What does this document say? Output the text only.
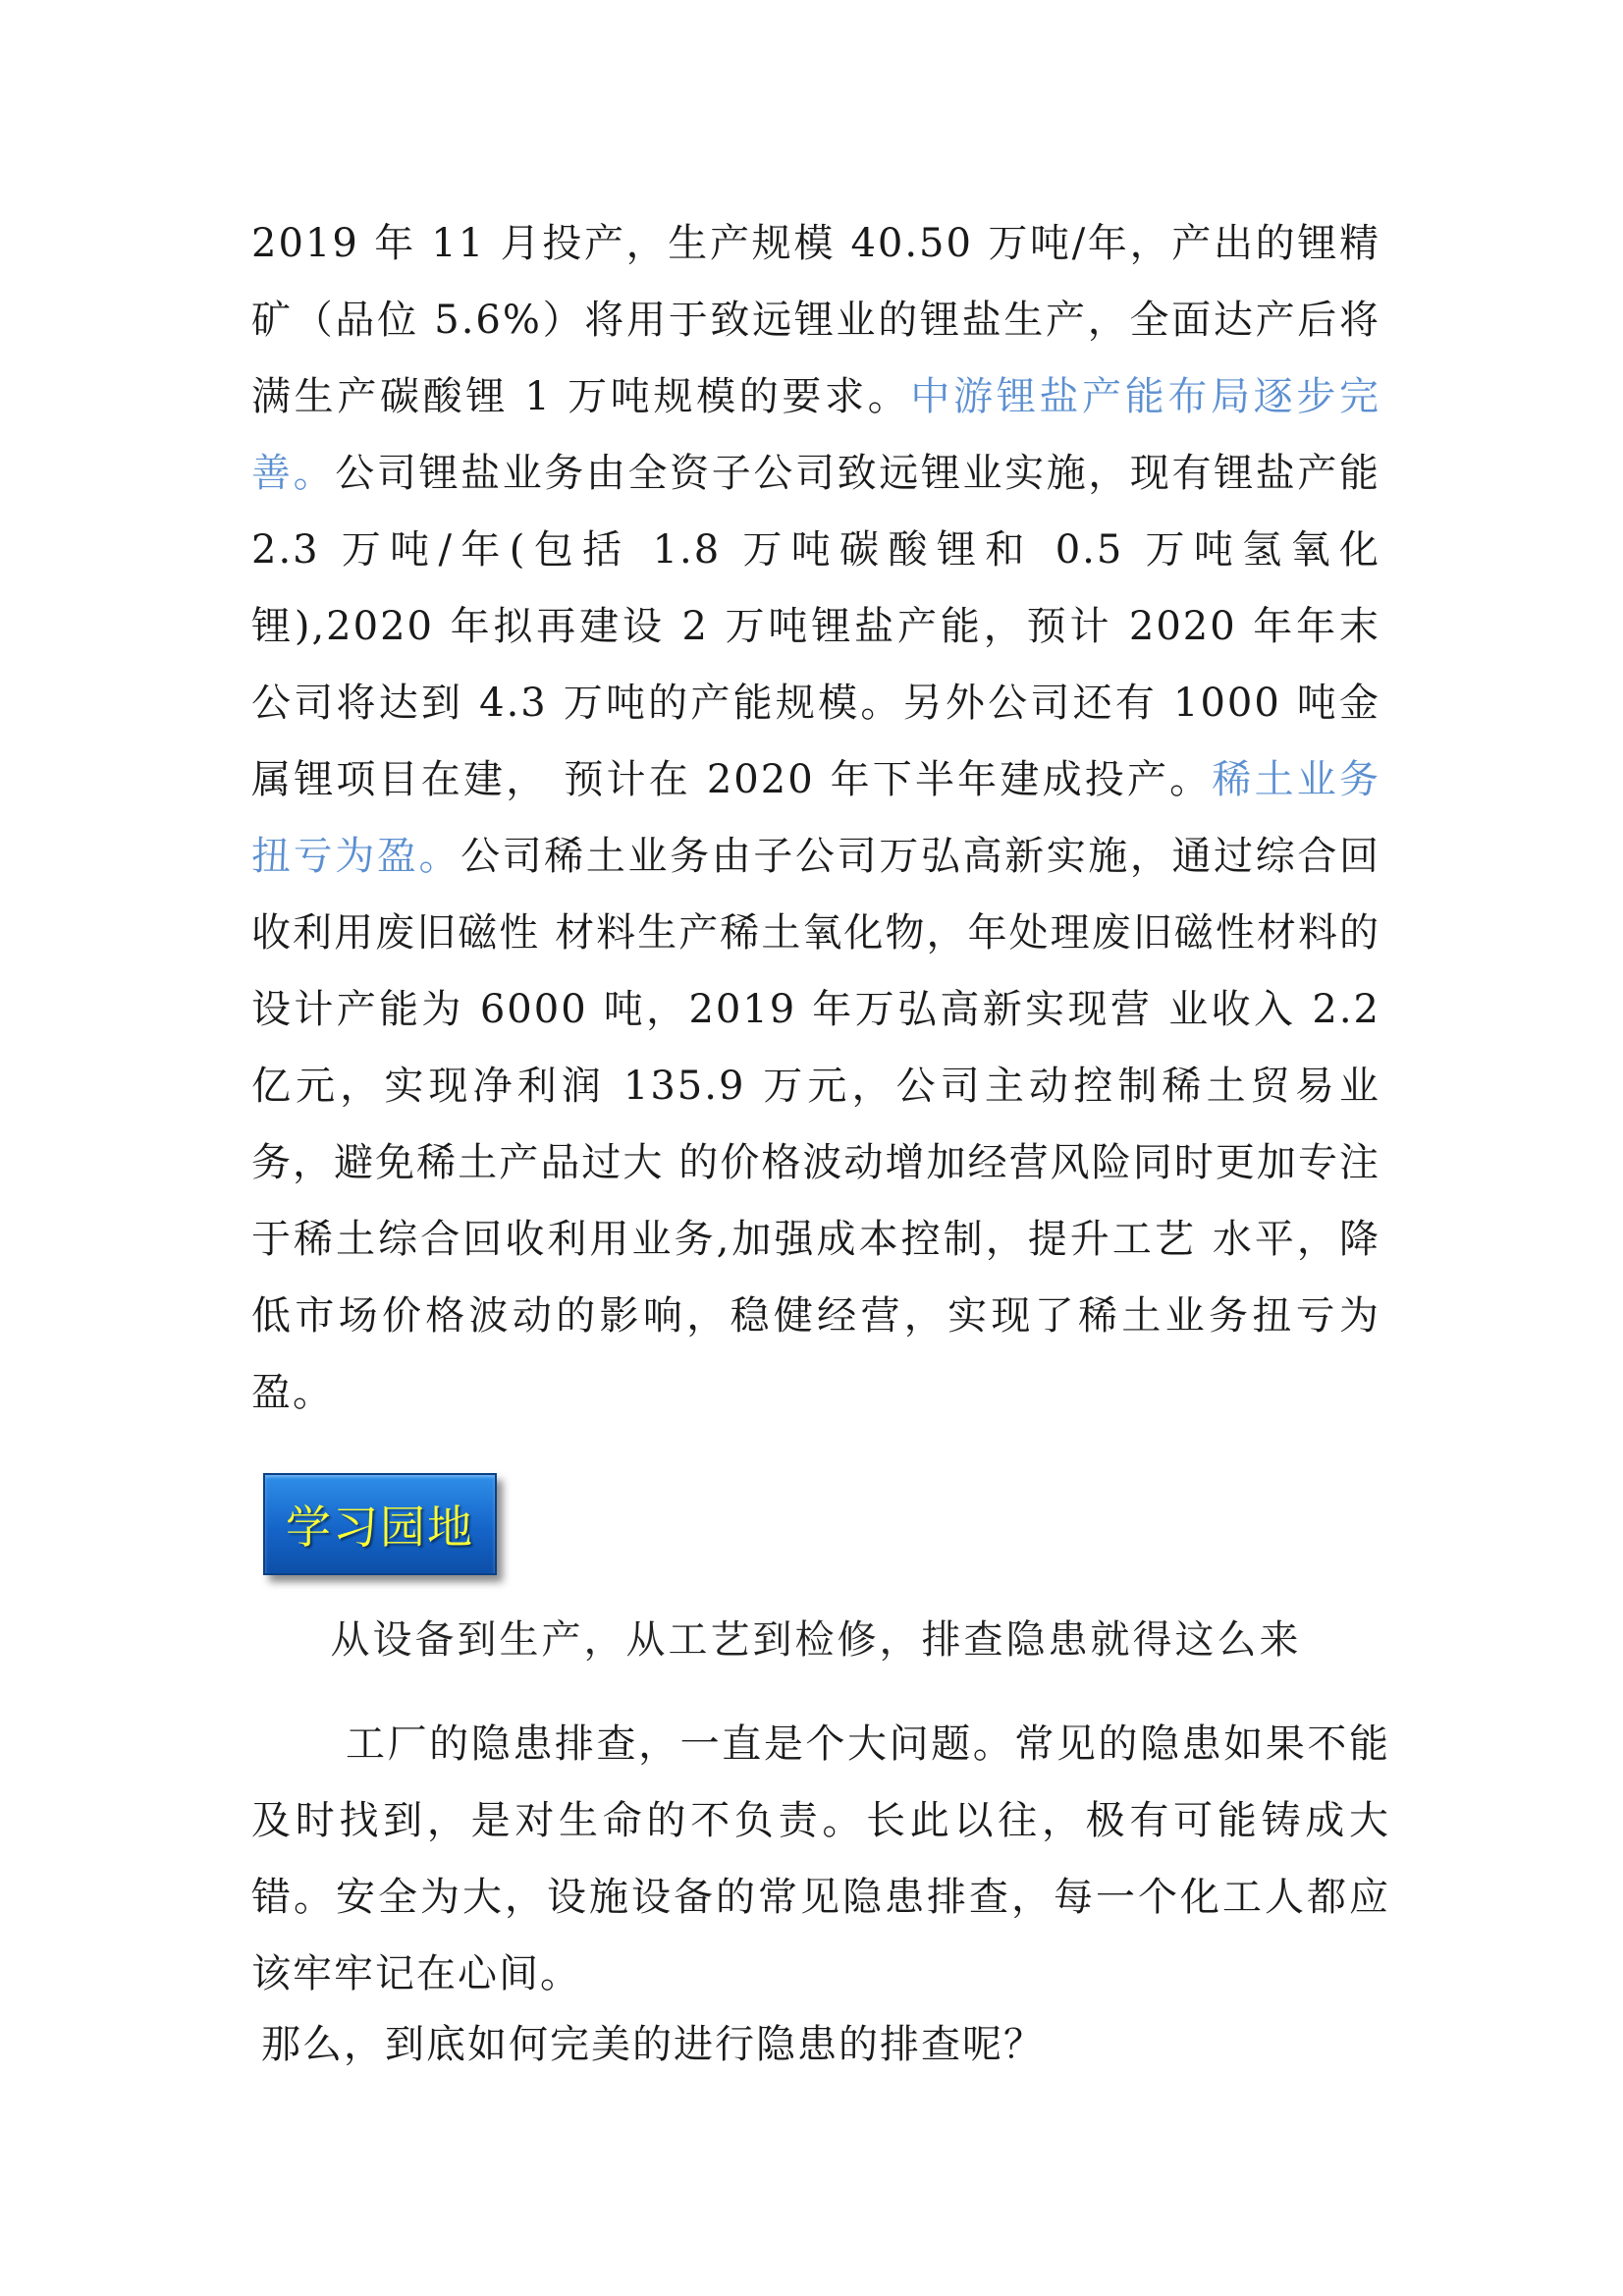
2019 年 11 月投产，生产规模 40.50 万吨/年，产出的锂精矿（品位 5.6%）将用于致远锂业的锂盐生产，全面达产后将满生产碳酸锂 1 万吨规模的要求。中游锂盐产能布局逐步完善。公司锂盐业务由全资子公司致远锂业实施，现有锂盐产能 2.3 万吨/年(包括 1.8 万吨碳酸锂和 0.5 万吨氢氧化锂),2020 年拟再建设 2 万吨锂盐产能，预计 2020 年年末公司将达到 4.3 万吨的产能规模。另外公司还有 1000 吨金属锂项目在建， 预计在 2020 年下半年建成投产。稀土业务扭亏为盈。公司稀土业务由子公司万弘高新实施，通过综合回收利用废旧磁性 材料生产稀土氧化物，年处理废旧磁性材料的设计产能为 6000 吨，2019 年万弘高新实现营 业收入 2.2 亿元，实现净利润 135.9 万元，公司主动控制稀土贸易业务，避免稀土产品过大 的价格波动增加经营风险同时更加专注于稀土综合回收利用业务,加强成本控制，提升工艺 水平，降低市场价格波动的影响，稳健经营，实现了稀土业务扭亏为盈。
学习园地
从设备到生产，从工艺到检修，排查隐患就得这么来
工厂的隐患排查，一直是个大问题。常见的隐患如果不能及时找到，是对生命的不负责。长此以往，极有可能铸成大错。安全为大，设施设备的常见隐患排查，每一个化工人都应该牢牢记在心间。
那么，到底如何完美的进行隐患的排查呢？
